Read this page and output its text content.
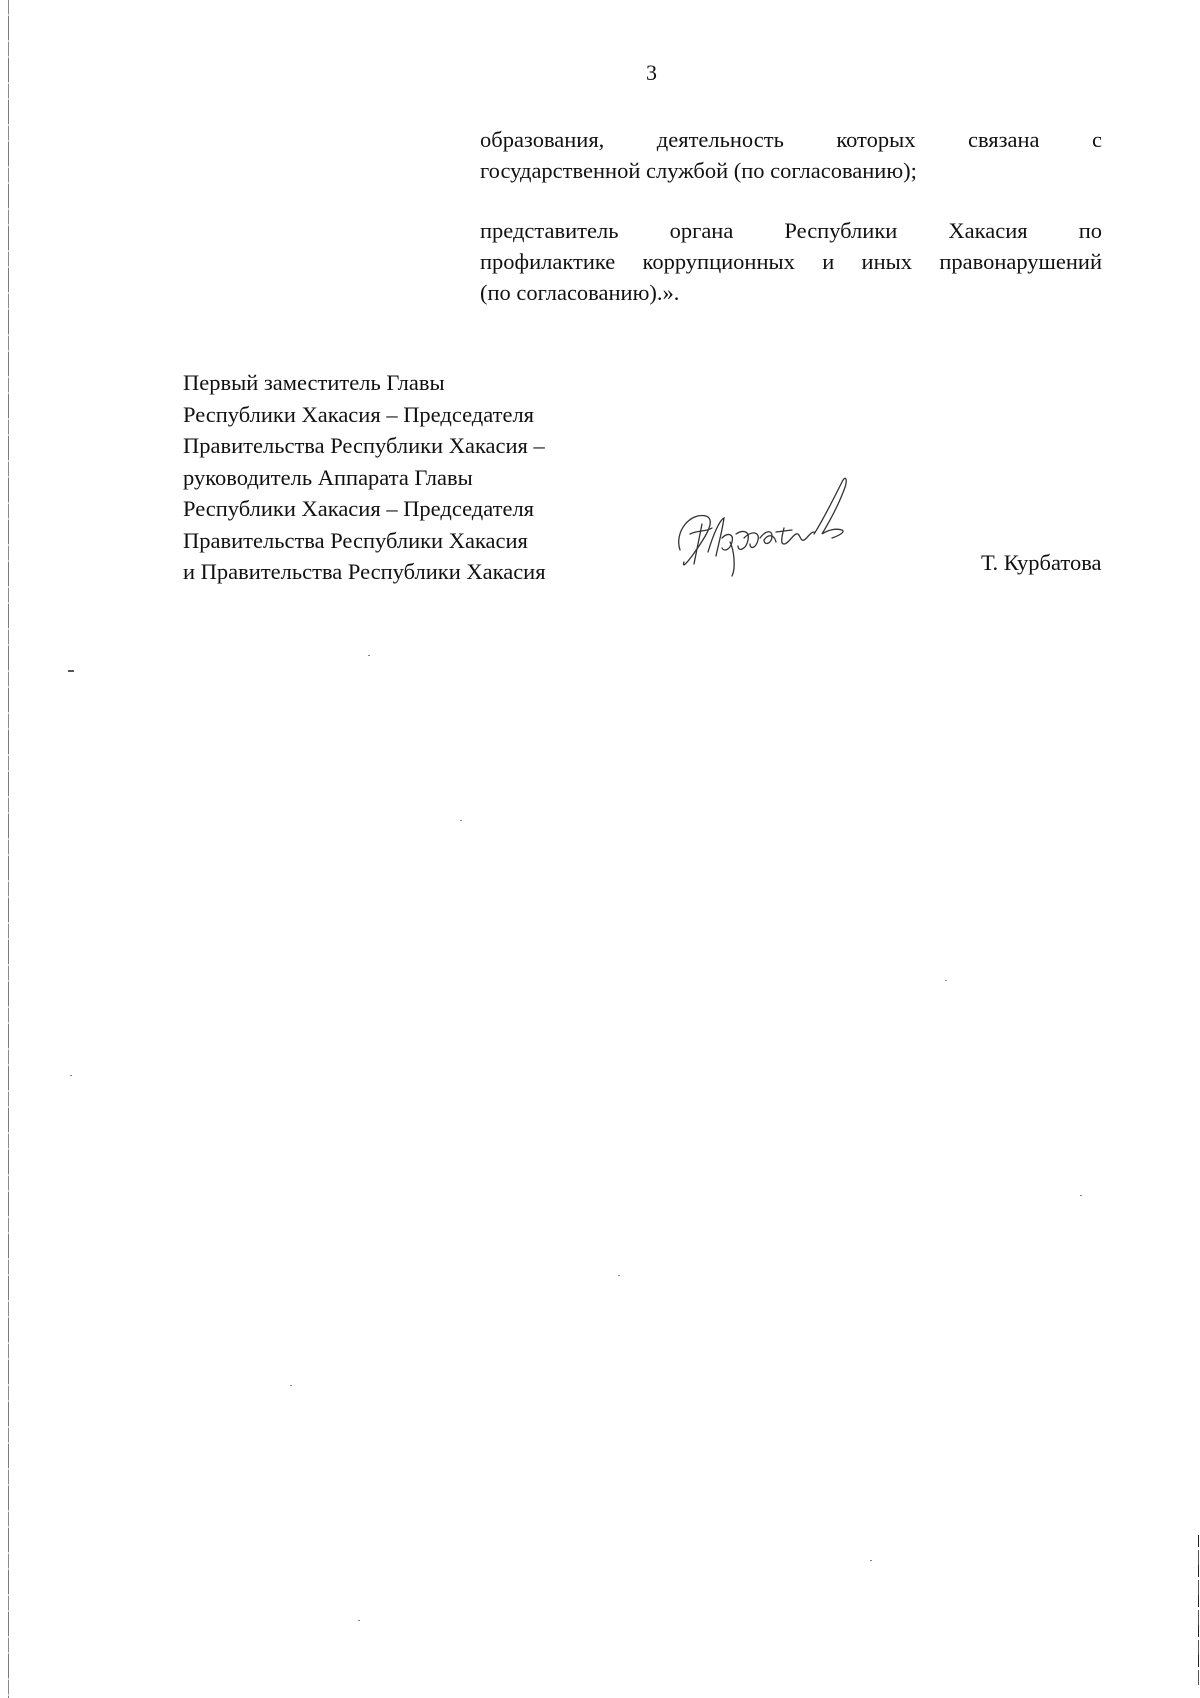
3
образования, деятельность которых связана с
государственной службой (по согласованию);
представитель органа Республики Хакасия по
профилактике коррупционных и иных правонарушений
(по согласованию).».
Первый заместитель Главы
Республики Хакасия – Председателя
Правительства Республики Хакасия –
руководитель Аппарата Главы
Республики Хакасия – Председателя
Правительства Республики Хакасия
и Правительства Республики Хакасия	Т. Курбатова
